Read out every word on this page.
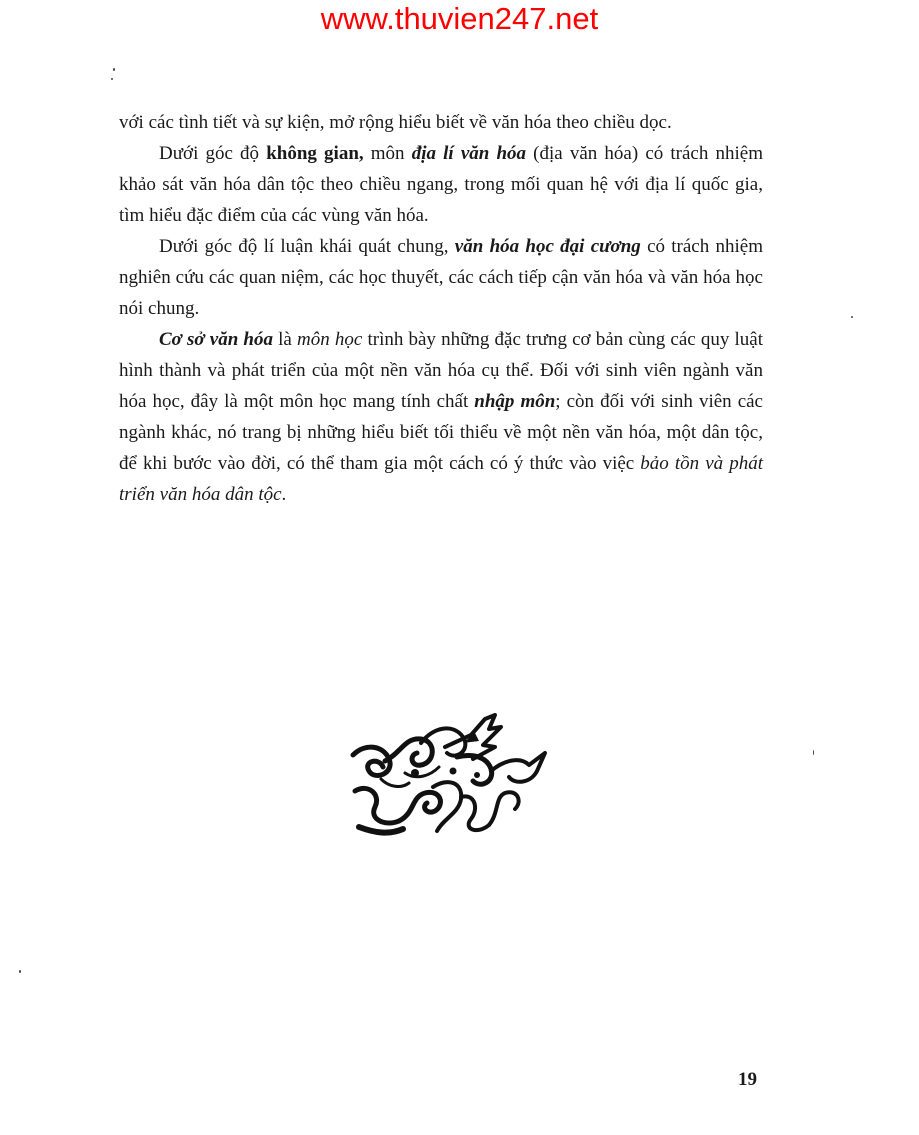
www.thuvien247.net

với các tình tiết và sự kiện, mở rộng hiểu biết về văn hóa theo chiều dọc.

Dưới góc độ không gian, môn địa lí văn hóa (địa văn hóa) có trách nhiệm khảo sát văn hóa dân tộc theo chiều ngang, trong mối quan hệ với địa lí quốc gia, tìm hiểu đặc điểm của các vùng văn hóa.

Dưới góc độ lí luận khái quát chung, văn hóa học đại cương có trách nhiệm nghiên cứu các quan niệm, các học thuyết, các cách tiếp cận văn hóa và văn hóa học nói chung.

Cơ sở văn hóa là môn học trình bày những đặc trưng cơ bản cùng các quy luật hình thành và phát triển của một nền văn hóa cụ thể. Đối với sinh viên ngành văn hóa học, đây là một môn học mang tính chất nhập môn; còn đối với sinh viên các ngành khác, nó trang bị những hiểu biết tối thiểu về một nền văn hóa, một dân tộc, để khi bước vào đời, có thể tham gia một cách có ý thức vào việc bảo tồn và phát triển văn hóa dân tộc.

19
